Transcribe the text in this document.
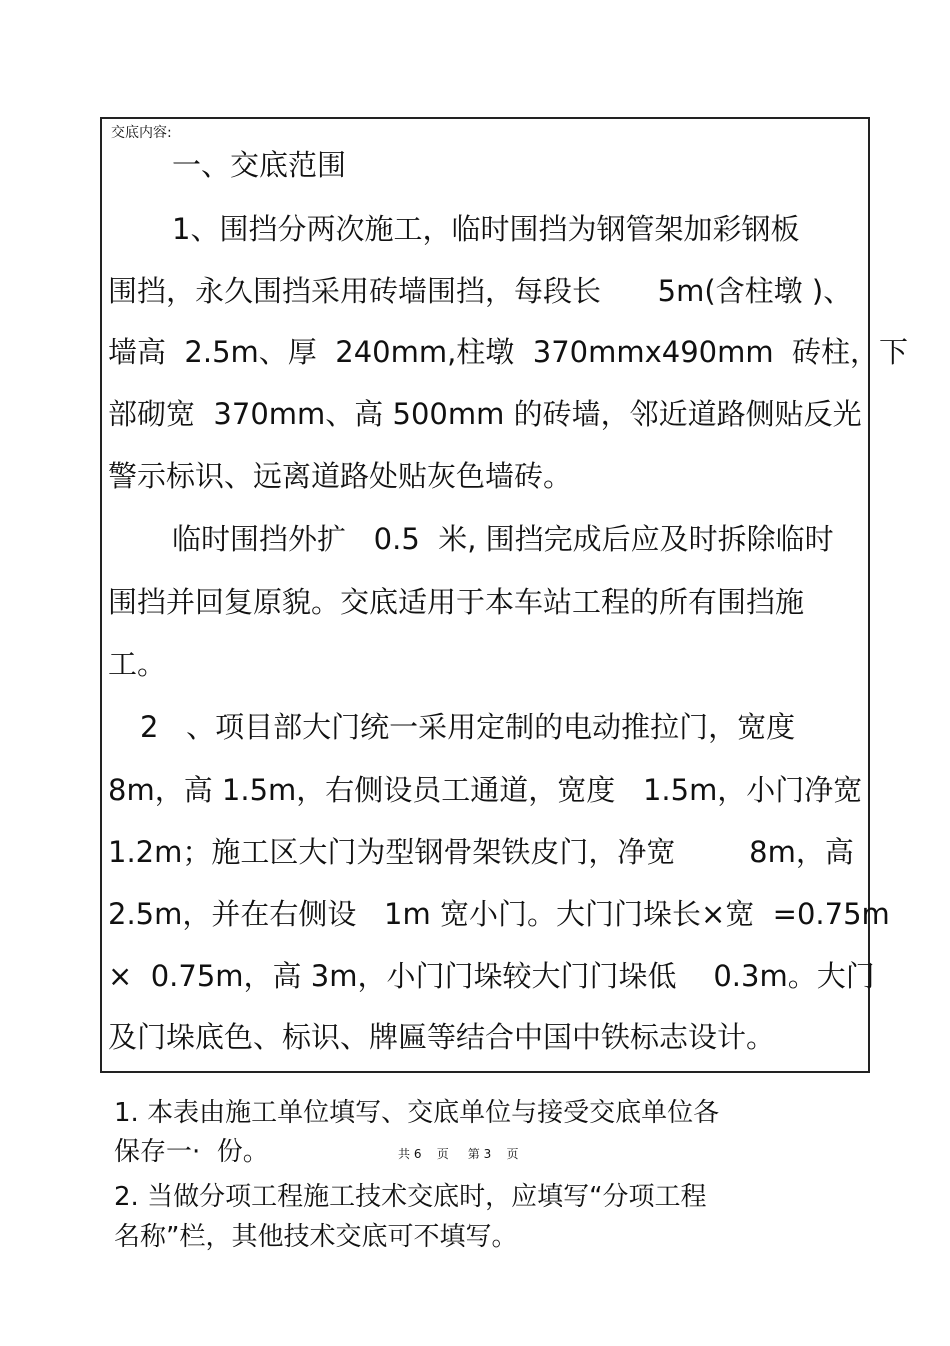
交底内容:
一、交底范围
1、围挡分两次施工，临时围挡为钢管架加彩钢板
围挡，永久围挡采用砖墙围挡，每段长　   5m(含柱墩 )、
墙高  2.5m、厚  240mm,柱墩  370mmx490mm  砖柱，下
部砌宽  370mm、高 500mm 的砖墙，邻近道路侧贴反光
警示标识、远离道路处贴灰色墙砖。
临时围挡外扩   0.5  米, 围挡完成后应及时拆除临时
围挡并回复原貌。交底适用于本车站工程的所有围挡施
工。
2   、项目部大门统一采用定制的电动推拉门，宽度
8m，高 1.5m，右侧设员工通道，宽度   1.5m，小门净宽
1.2m；施工区大门为型钢骨架铁皮门，净宽        8m，高
2.5m，并在右侧设   1m 宽小门。大门门垛长×宽  =0.75m
×  0.75m，高 3m，小门门垛较大门门垛低    0.3m。大门
及门垛底色、标识、牌匾等结合中国中铁标志设计。
1. 本表由施工单位填写、交底单位与接受交底单位各
保存一·  份。	共 6    页     第 3    页
2. 当做分项工程施工技术交底时，应填写“分项工程
名称”栏，其他技术交底可不填写。
